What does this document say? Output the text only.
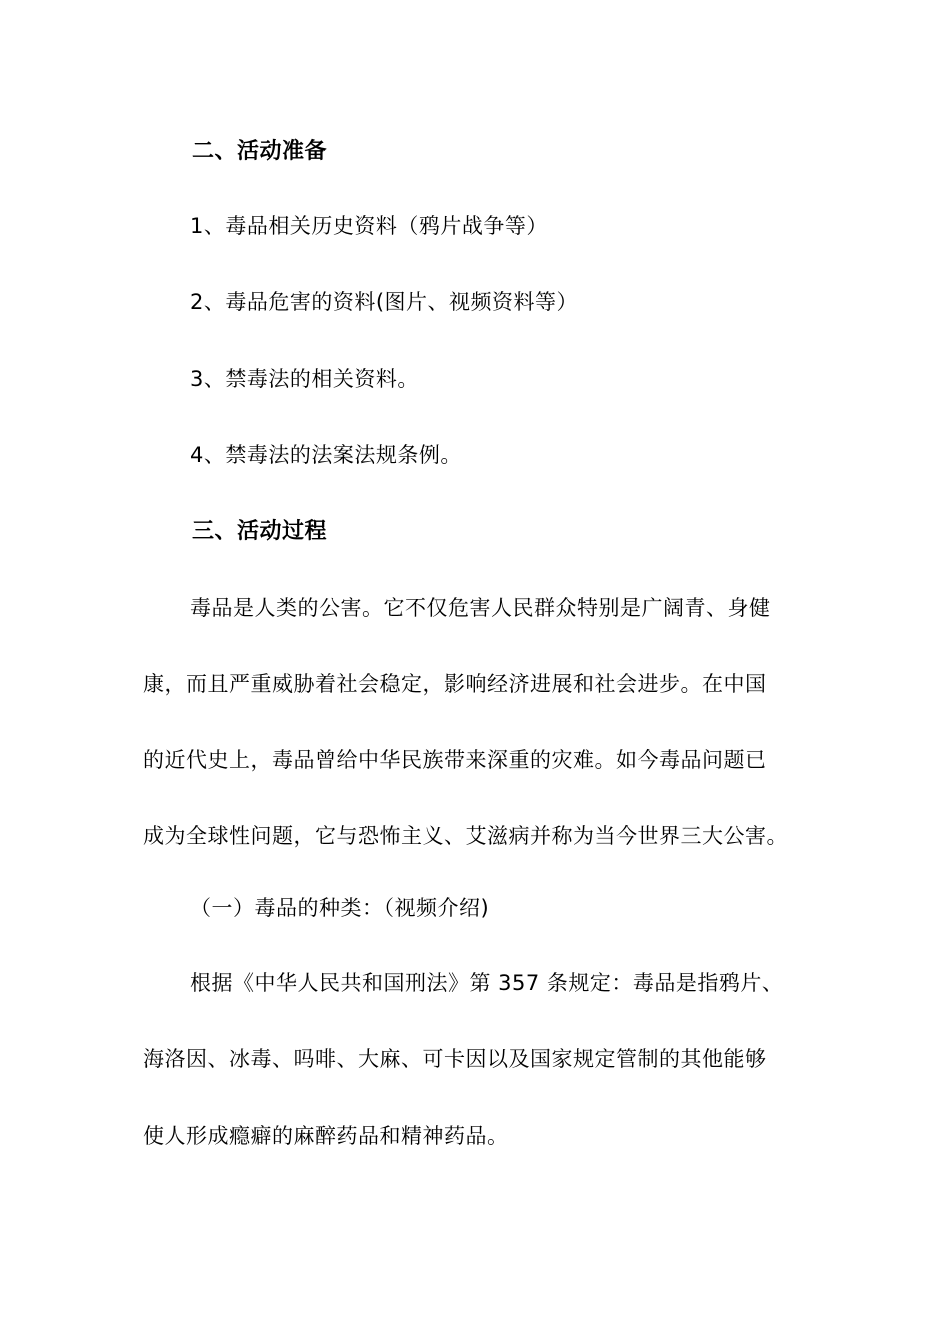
二、活动准备
1、毒品相关历史资料（鸦片战争等）
2、毒品危害的资料(图片、视频资料等）
3、禁毒法的相关资料。
4、禁毒法的法案法规条例。
三、活动过程
毒品是人类的公害。它不仅危害人民群众特别是广阔青、身健
康，而且严重威胁着社会稳定，影响经济进展和社会进步。在中国
的近代史上，毒品曾给中华民族带来深重的灾难。如今毒品问题已
成为全球性问题，它与恐怖主义、艾滋病并称为当今世界三大公害。
（一）毒品的种类：（视频介绍)
根据《中华人民共和国刑法》第 357 条规定：毒品是指鸦片、
海洛因、冰毒、吗啡、大麻、可卡因以及国家规定管制的其他能够
使人形成瘾癖的麻醉药品和精神药品。
